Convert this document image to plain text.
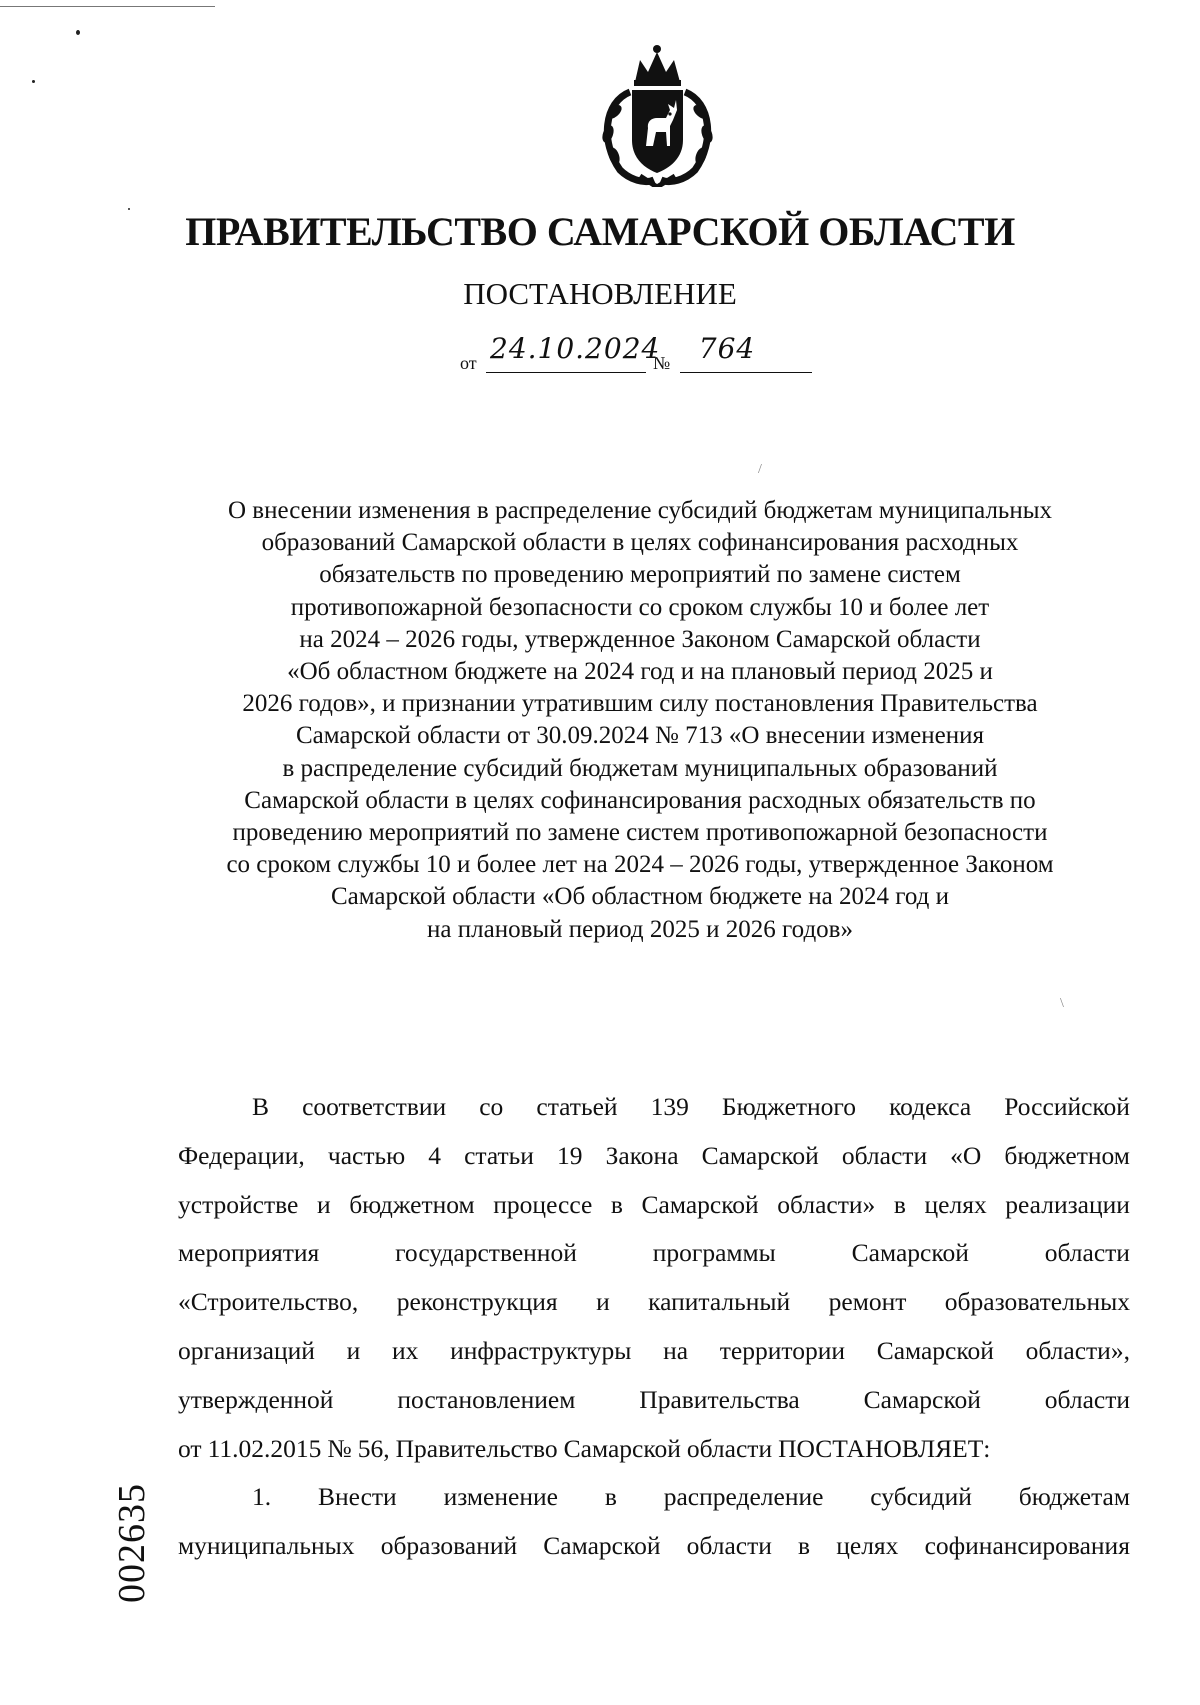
ПРАВИТЕЛЬСТВО САМАРСКОЙ ОБЛАСТИ
ПОСТАНОВЛЕНИЕ
от 24.10.2024
№	764
/
\
О внесении изменения в распределение субсидий бюджетам муниципальных
образований Самарской области в целях софинансирования расходных
обязательств по проведению мероприятий по замене систем
противопожарной безопасности со сроком службы 10 и более лет
на 2024 – 2026 годы, утвержденное Законом Самарской области
«Об областном бюджете на 2024 год и на плановый период 2025 и
2026 годов», и признании утратившим силу постановления Правительства
Самарской области от 30.09.2024 № 713 «О внесении изменения
в распределение субсидий бюджетам муниципальных образований
Самарской области в целях софинансирования расходных обязательств по
проведению мероприятий по замене систем противопожарной безопасности
со сроком службы 10 и более лет на 2024 – 2026 годы, утвержденное Законом
Самарской области «Об областном бюджете на 2024 год и
на плановый период 2025 и 2026 годов»
В соответствии со статьей 139 Бюджетного кодекса Российской
Федерации, частью 4 статьи 19 Закона Самарской области «О бюджетном
устройстве и бюджетном процессе в Самарской области» в целях реализации
мероприятия	государственной	программы	Самарской	области
«Строительство, реконструкция и капитальный ремонт образовательных
организаций и их инфраструктуры на территории Самарской области»,
утвержденной	постановлением	Правительства	Самарской	области
от 11.02.2015 № 56, Правительство Самарской области ПОСТАНОВЛЯЕТ:
1. Внести изменение в распределение субсидий бюджетам
муниципальных образований Самарской области в целях софинансирования
002635
